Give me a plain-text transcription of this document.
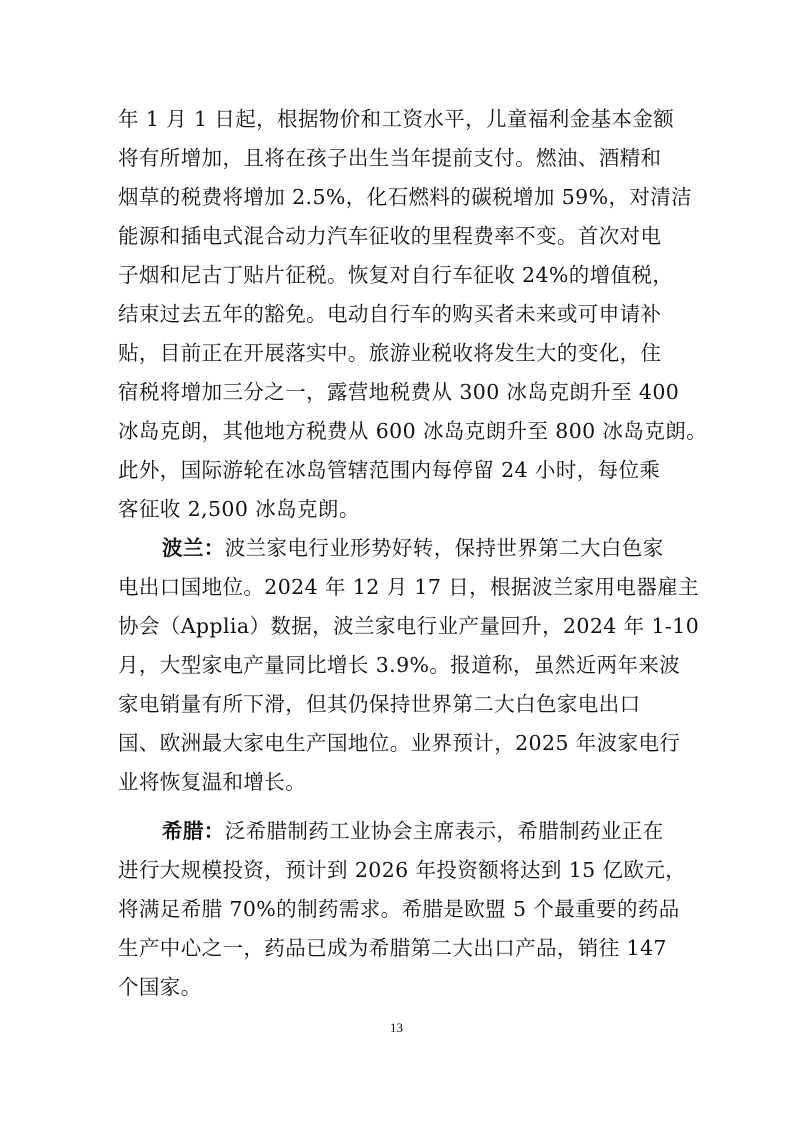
年 1 月 1 日起，根据物价和工资水平，儿童福利金基本金额
将有所增加，且将在孩子出生当年提前支付。燃油、酒精和
烟草的税费将增加 2.5%，化石燃料的碳税增加 59%，对清洁
能源和插电式混合动力汽车征收的里程费率不变。首次对电
子烟和尼古丁贴片征税。恢复对自行车征收 24%的增值税，
结束过去五年的豁免。电动自行车的购买者未来或可申请补
贴，目前正在开展落实中。旅游业税收将发生大的变化，住
宿税将增加三分之一，露营地税费从 300 冰岛克朗升至 400
冰岛克朗，其他地方税费从 600 冰岛克朗升至 800 冰岛克朗。
此外，国际游轮在冰岛管辖范围内每停留 24 小时，每位乘
客征收 2,500 冰岛克朗。
波兰：波兰家电行业形势好转，保持世界第二大白色家
电出口国地位。2024 年 12 月 17 日，根据波兰家用电器雇主
协会（Applia）数据，波兰家电行业产量回升，2024 年 1-10
月，大型家电产量同比增长 3.9%。报道称，虽然近两年来波
家电销量有所下滑，但其仍保持世界第二大白色家电出口
国、欧洲最大家电生产国地位。业界预计，2025 年波家电行
业将恢复温和增长。
希腊：泛希腊制药工业协会主席表示，希腊制药业正在
进行大规模投资，预计到 2026 年投资额将达到 15 亿欧元，
将满足希腊 70%的制药需求。希腊是欧盟 5 个最重要的药品
生产中心之一，药品已成为希腊第二大出口产品，销往 147
个国家。
13
